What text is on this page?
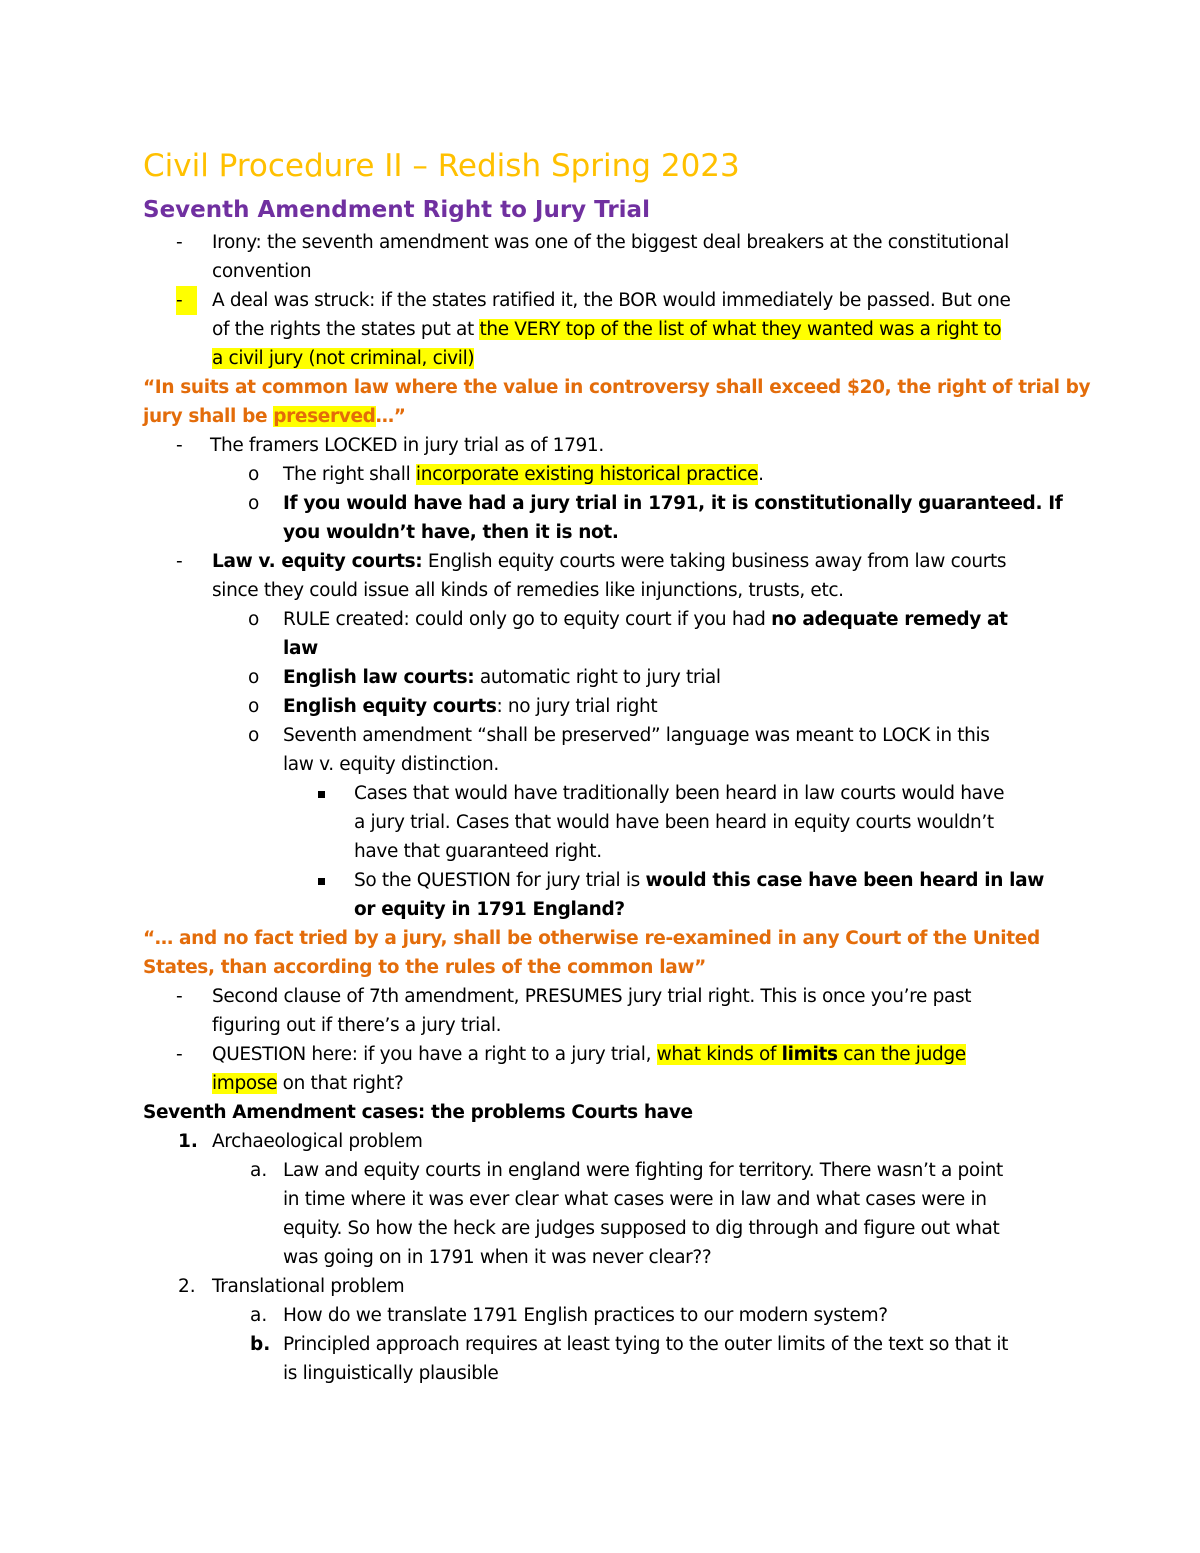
Civil Procedure II – Redish Spring 2023
Seventh Amendment Right to Jury Trial
- Irony: the seventh amendment was one of the biggest deal breakers at the constitutional
convention
-	A deal was struck: if the states ratified it, the BOR would immediately be passed. But one
of the rights the states put at the VERY top of the list of what they wanted was a right to
a civil jury (not criminal, civil)
“In suits at common law where the value in controversy shall exceed $20, the right of trial by
jury shall be preserved…”
- The framers LOCKED in jury trial as of 1791.
o The right shall incorporate existing historical practice.
o If you would have had a jury trial in 1791, it is constitutionally guaranteed. If
you wouldn’t have, then it is not.
- Law v. equity courts: English equity courts were taking business away from law courts
since they could issue all kinds of remedies like injunctions, trusts, etc.
o RULE created: could only go to equity court if you had no adequate remedy at
law
o English law courts: automatic right to jury trial
o English equity courts: no jury trial right
o Seventh amendment “shall be preserved” language was meant to LOCK in this
law v. equity distinction.
Cases that would have traditionally been heard in law courts would have
a jury trial. Cases that would have been heard in equity courts wouldn’t
have that guaranteed right.
So the QUESTION for jury trial is would this case have been heard in law
or equity in 1791 England?
“… and no fact tried by a jury, shall be otherwise re-examined in any Court of the United
States, than according to the rules of the common law”
- Second clause of 7th amendment, PRESUMES jury trial right. This is once you’re past
figuring out if there’s a jury trial.
- QUESTION here: if you have a right to a jury trial, what kinds of limits can the judge
impose on that right?
Seventh Amendment cases: the problems Courts have
1. Archaeological problem
a. Law and equity courts in england were fighting for territory. There wasn’t a point
in time where it was ever clear what cases were in law and what cases were in
equity. So how the heck are judges supposed to dig through and figure out what
was going on in 1791 when it was never clear??
2. Translational problem
a. How do we translate 1791 English practices to our modern system?
b. Principled approach requires at least tying to the outer limits of the text so that it
is linguistically plausible
